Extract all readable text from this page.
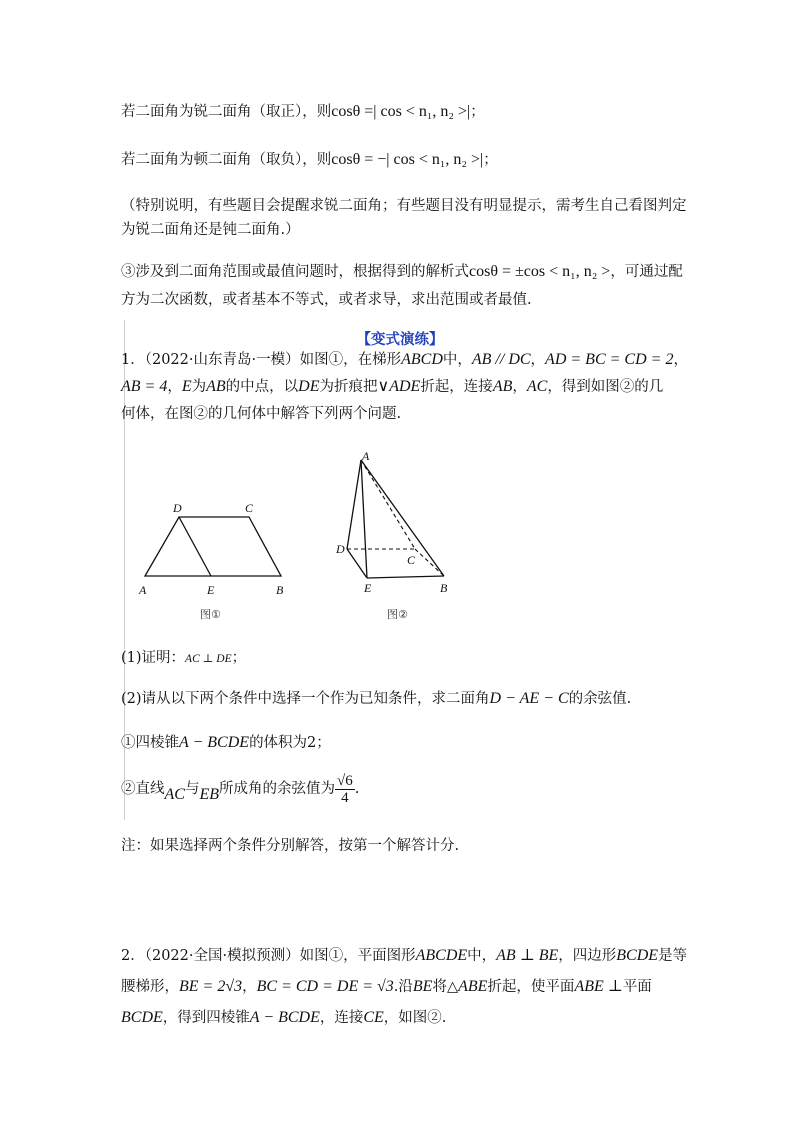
若二面角为锐二面角（取正），则cosθ =| cos < n₁, n₂ >|；
若二面角为顿二面角（取负），则cosθ = −| cos < n₁, n₂ >|；
（特别说明，有些题目会提醒求锐二面角；有些题目没有明显提示，需考生自己看图判定
为锐二面角还是钝二面角.）
③涉及到二面角范围或最值问题时，根据得到的解析式cosθ = ±cos < n₁, n₂ >，可通过配
方为二次函数，或者基本不等式，或者求导，求出范围或者最值.
【变式演练】
1．（2022·山东青岛·一模）如图①，在梯形ABCD中，AB // DC，AD = BC = CD = 2，
AB = 4，E为AB的中点，以DE为折痕把∨ADE折起，连接AB，AC，得到如图②的几
何体，在图②的几何体中解答下列两个问题.
D	C
A	E	B
图①
A
D
C
E	B
图②
(1)证明：AC ⊥ DE；
(2)请从以下两个条件中选择一个作为已知条件，求二面角D − AE − C的余弦值.
①四棱锥A − BCDE的体积为2；
②直线AC与EB所成角的余弦值为 $\frac{√6}{4}$ .
注：如果选择两个条件分别解答，按第一个解答计分.
2．（2022·全国·模拟预测）如图①，平面图形ABCDE中，AB ⊥ BE，四边形BCDE是等
腰梯形，BE = 2√3，BC = CD = DE = √3.沿BE将△ABE折起，使平面ABE ⊥平面
BCDE，得到四棱锥A − BCDE，连接CE，如图②.
